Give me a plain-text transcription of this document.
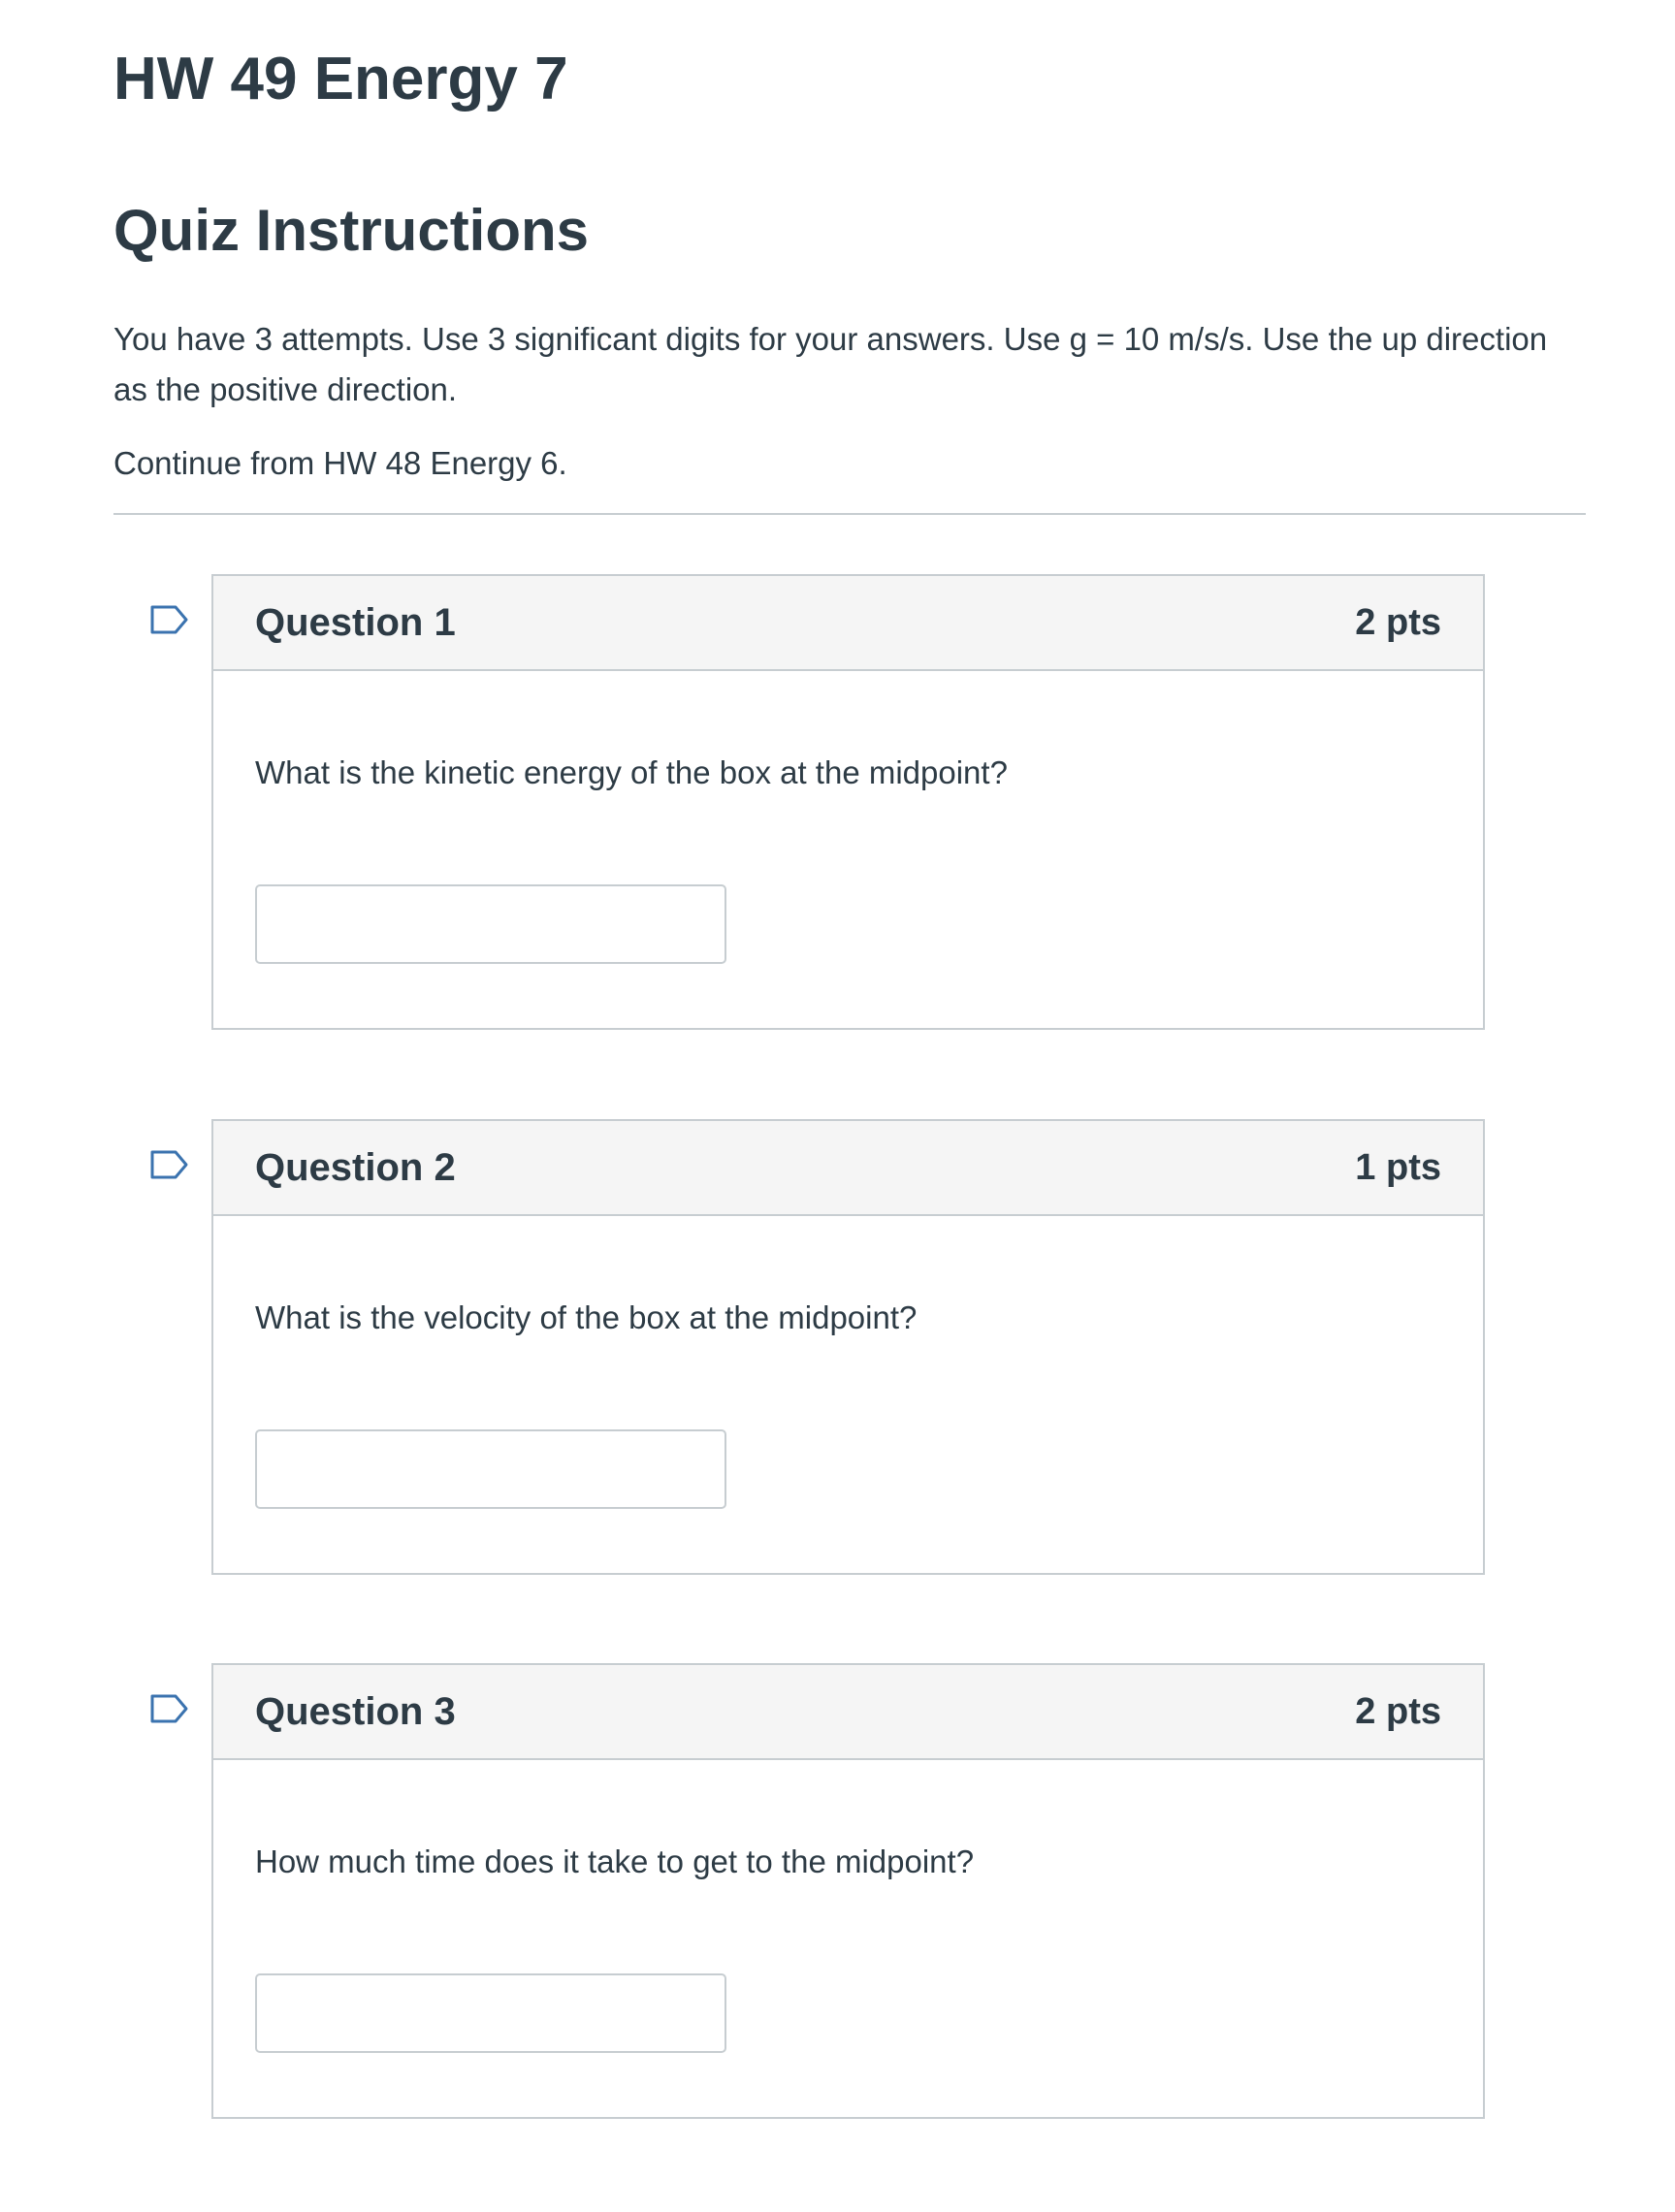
HW 49 Energy 7
Quiz Instructions

You have 3 attempts. Use 3 significant digits for your answers. Use g = 10 m/s/s. Use the up direction as the positive direction.

Continue from HW 48 Energy 6.

Question 1	2 pts
What is the kinetic energy of the box at the midpoint?
Question 2	1 pts
What is the velocity of the box at the midpoint?
Question 3	2 pts
How much time does it take to get to the midpoint?
